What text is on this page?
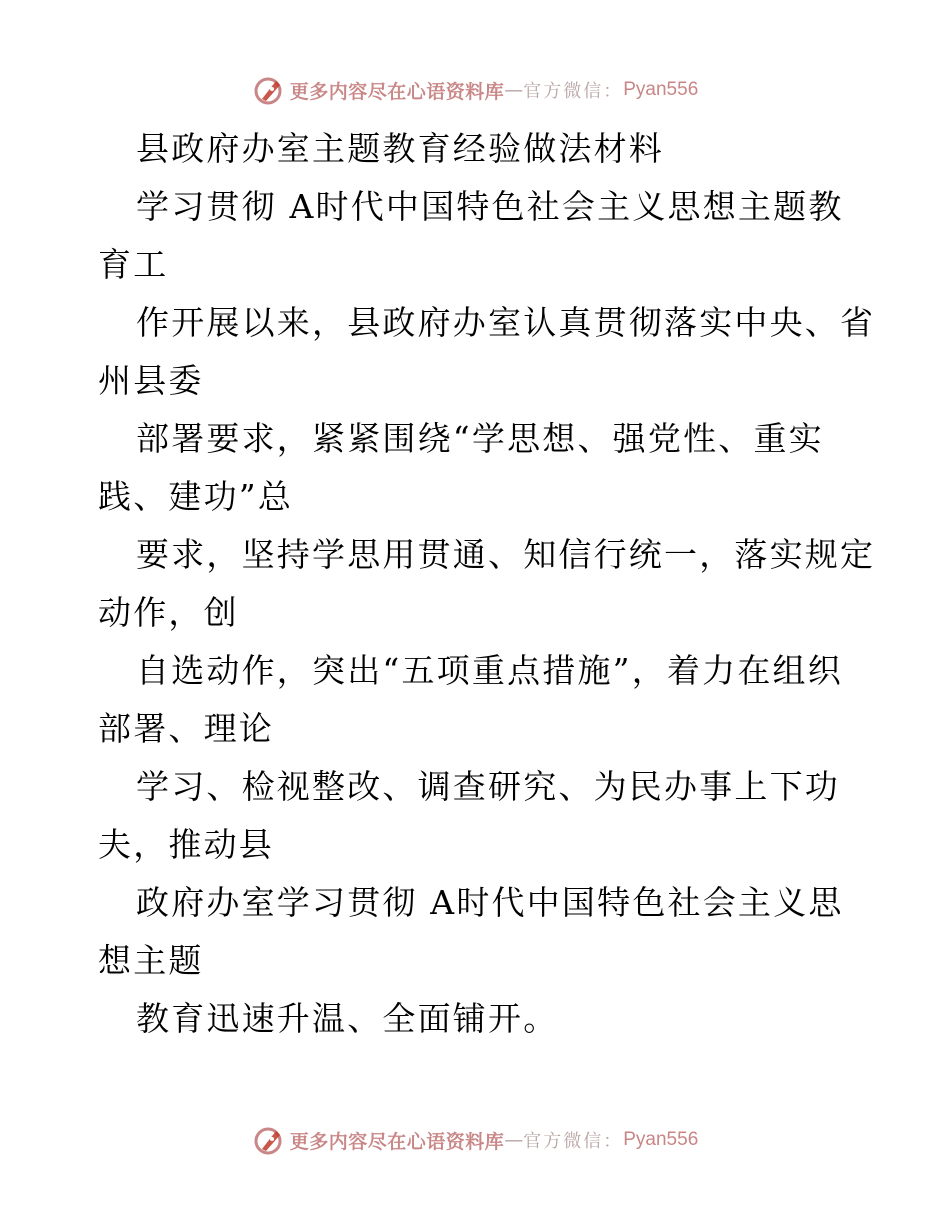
更多内容尽在心语资料库 — 官方微信： Pyan556
县政府办室主题教育经验做法材料
学习贯彻 A时代中国特色社会主义思想主题教
育工
作开展以来，县政府办室认真贯彻落实中央、省
州县委
部署要求，紧紧围绕“学思想、强党性、重实
践、建功”总
要求，坚持学思用贯通、知信行统一，落实规定
动作，创
自选动作，突出“五项重点措施”，着力在组织
部署、理论
学习、检视整改、调查研究、为民办事上下功
夫，推动县
政府办室学习贯彻 A时代中国特色社会主义思
想主题
教育迅速升温、全面铺开。
更多内容尽在心语资料库 — 官方微信： Pyan556
